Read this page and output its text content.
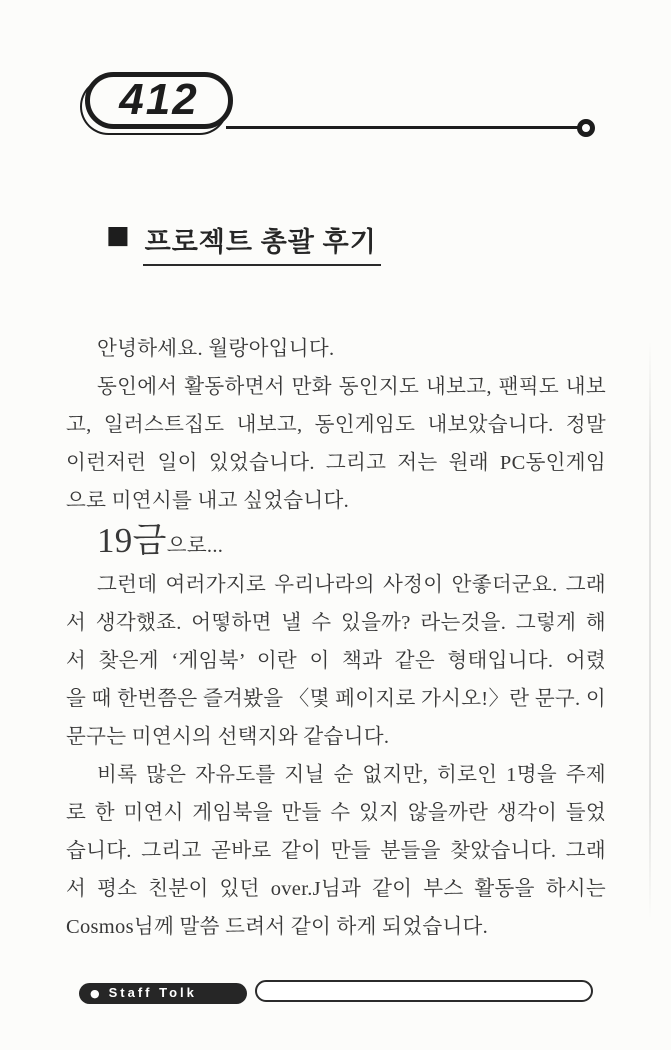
412
■ 프로젝트 총괄 후기
안녕하세요. 월랑아입니다.
동인에서 활동하면서 만화 동인지도 내보고, 팬픽도 내보
고, 일러스트집도 내보고, 동인게임도 내보았습니다. 정말
이런저런 일이 있었습니다. 그리고 저는 원래 PC동인게임
으로 미연시를 내고 싶었습니다.
19금으로...
그런데 여러가지로 우리나라의 사정이 안좋더군요. 그래
서 생각했죠. 어떻하면 낼 수 있을까? 라는것을. 그렇게 해
서 찾은게 ‘게임북’ 이란 이 책과 같은 형태입니다. 어렸
을 때 한번쯤은 즐겨봤을 〈몇 페이지로 가시오!〉란 문구. 이
문구는 미연시의 선택지와 같습니다.
비록 많은 자유도를 지닐 순 없지만, 히로인 1명을 주제
로 한 미연시 게임북을 만들 수 있지 않을까란 생각이 들었
습니다. 그리고 곧바로 같이 만들 분들을 찾았습니다. 그래
서 평소 친분이 있던 over.J님과 같이 부스 활동을 하시는
Cosmos님께 말씀 드려서 같이 하게 되었습니다.
● Staff Tolk
